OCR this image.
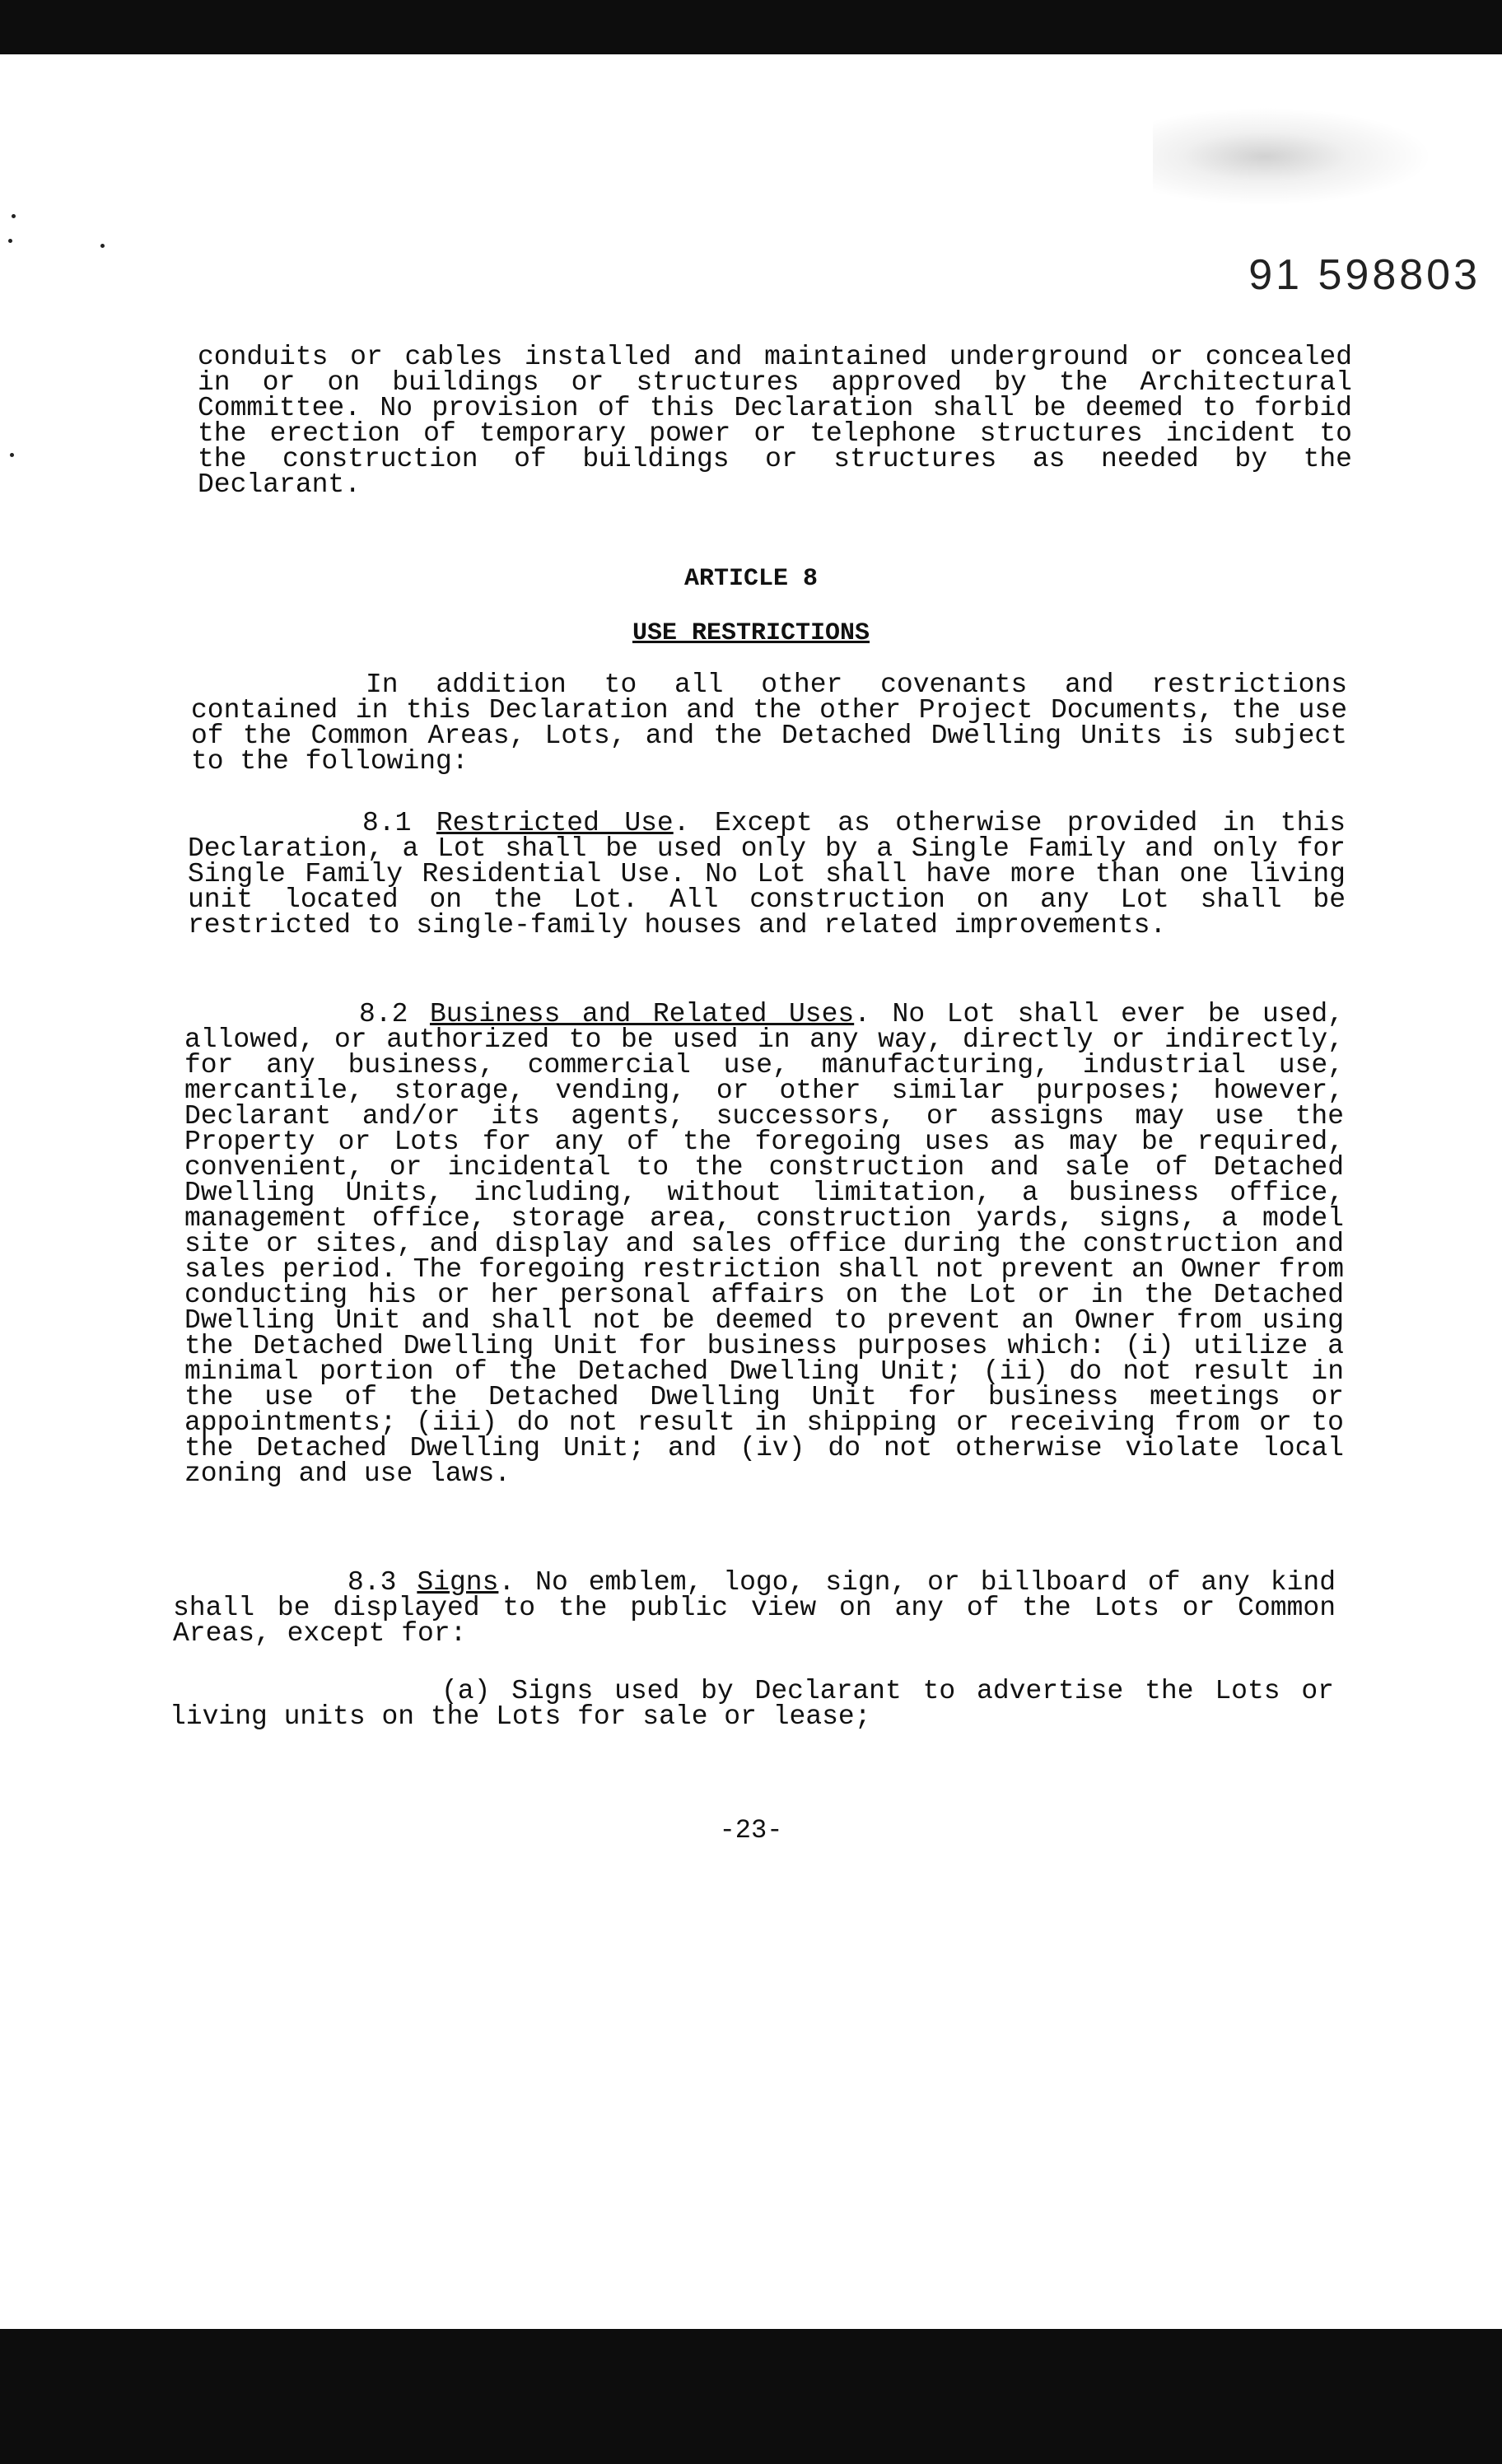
91 598803

conduits or cables installed and maintained underground or concealed in or on buildings or structures approved by the Architectural Committee. No provision of this Declaration shall be deemed to forbid the erection of temporary power or telephone structures incident to the construction of buildings or structures as needed by the Declarant.

ARTICLE 8
USE RESTRICTIONS

In addition to all other covenants and restrictions contained in this Declaration and the other Project Documents, the use of the Common Areas, Lots, and the Detached Dwelling Units is subject to the following:

8.1 Restricted Use. Except as otherwise provided in this Declaration, a Lot shall be used only by a Single Family and only for Single Family Residential Use. No Lot shall have more than one living unit located on the Lot. All construction on any Lot shall be restricted to single-family houses and related improvements.

8.2 Business and Related Uses. No Lot shall ever be used, allowed, or authorized to be used in any way, directly or indirectly, for any business, commercial use, manufacturing, industrial use, mercantile, storage, vending, or other similar purposes; however, Declarant and/or its agents, successors, or assigns may use the Property or Lots for any of the foregoing uses as may be required, convenient, or incidental to the construction and sale of Detached Dwelling Units, including, without limitation, a business office, management office, storage area, construction yards, signs, a model site or sites, and display and sales office during the construction and sales period. The foregoing restriction shall not prevent an Owner from conducting his or her personal affairs on the Lot or in the Detached Dwelling Unit and shall not be deemed to prevent an Owner from using the Detached Dwelling Unit for business purposes which: (i) utilize a minimal portion of the Detached Dwelling Unit; (ii) do not result in the use of the Detached Dwelling Unit for business meetings or appointments; (iii) do not result in shipping or receiving from or to the Detached Dwelling Unit; and (iv) do not otherwise violate local zoning and use laws.

8.3 Signs. No emblem, logo, sign, or billboard of any kind shall be displayed to the public view on any of the Lots or Common Areas, except for:

(a) Signs used by Declarant to advertise the Lots or living units on the Lots for sale or lease;

-23-
